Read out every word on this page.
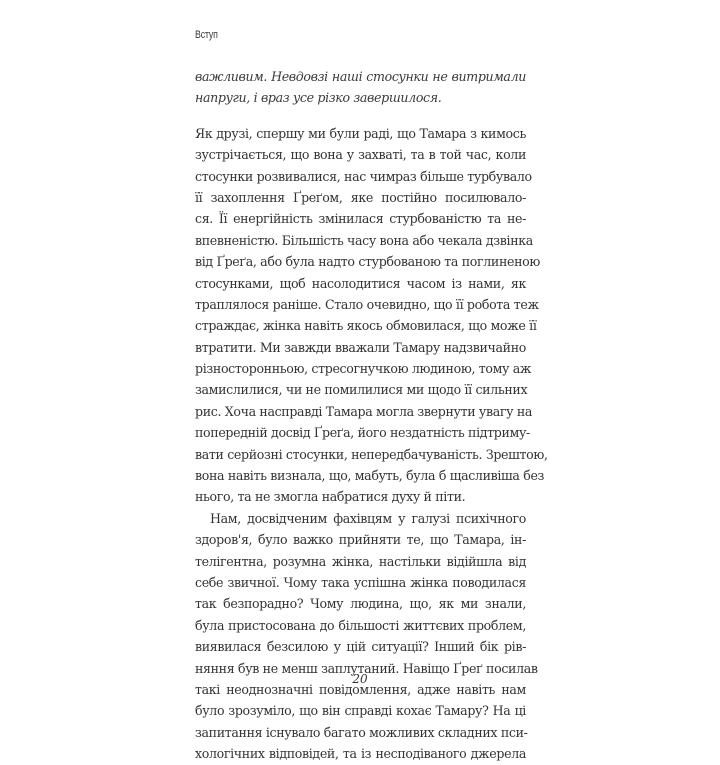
Вступ
важливим. Невдовзі наші стосунки не витримали
напруги, і враз усе різко завершилося.
Як друзі, спершу ми були раді, що Тамара з кимось
зустрічається, що вона у захваті, та в той час, коли
стосунки розвивалися, нас чимраз більше турбувало
її захоплення Ґреґом, яке постійно посилювало-
ся. Її енергійність змінилася стурбованістю та не-
впевненістю. Більшість часу вона або чекала дзвінка
від Ґреґа, або була надто стурбованою та поглиненою
стосунками, щоб насолодитися часом із нами, як
траплялося раніше. Стало очевидно, що її робота теж
страждає, жінка навіть якось обмовилася, що може її
втратити. Ми завжди вважали Тамару надзвичайно
різносторонньою, стресогнучкою людиною, тому аж
замислилися, чи не помилилися ми щодо її сильних
рис. Хоча насправді Тамара могла звернути увагу на
попередній досвід Ґреґа, його нездатність підтриму-
вати серйозні стосунки, непередбачуваність. Зрештою,
вона навіть визнала, що, мабуть, була б щасливіша без
нього, та не змогла набратися духу й піти.
Нам, досвідченим фахівцям у галузі психічного
здоров'я, було важко прийняти те, що Тамара, ін-
телігентна, розумна жінка, настільки відійшла від
себе звичної. Чому така успішна жінка поводилася
так безпорадно? Чому людина, що, як ми знали,
була пристосована до більшості життєвих проблем,
виявилася безсилою у цій ситуації? Інший бік рів-
няння був не менш заплутаний. Навіщо Ґреґ посилав
такі неоднозначні повідомлення, адже навіть нам
було зрозуміло, що він справді кохає Тамару? На ці
запитання існувало багато можливих складних пси-
хологічних відповідей, та із несподіваного джерела
20
